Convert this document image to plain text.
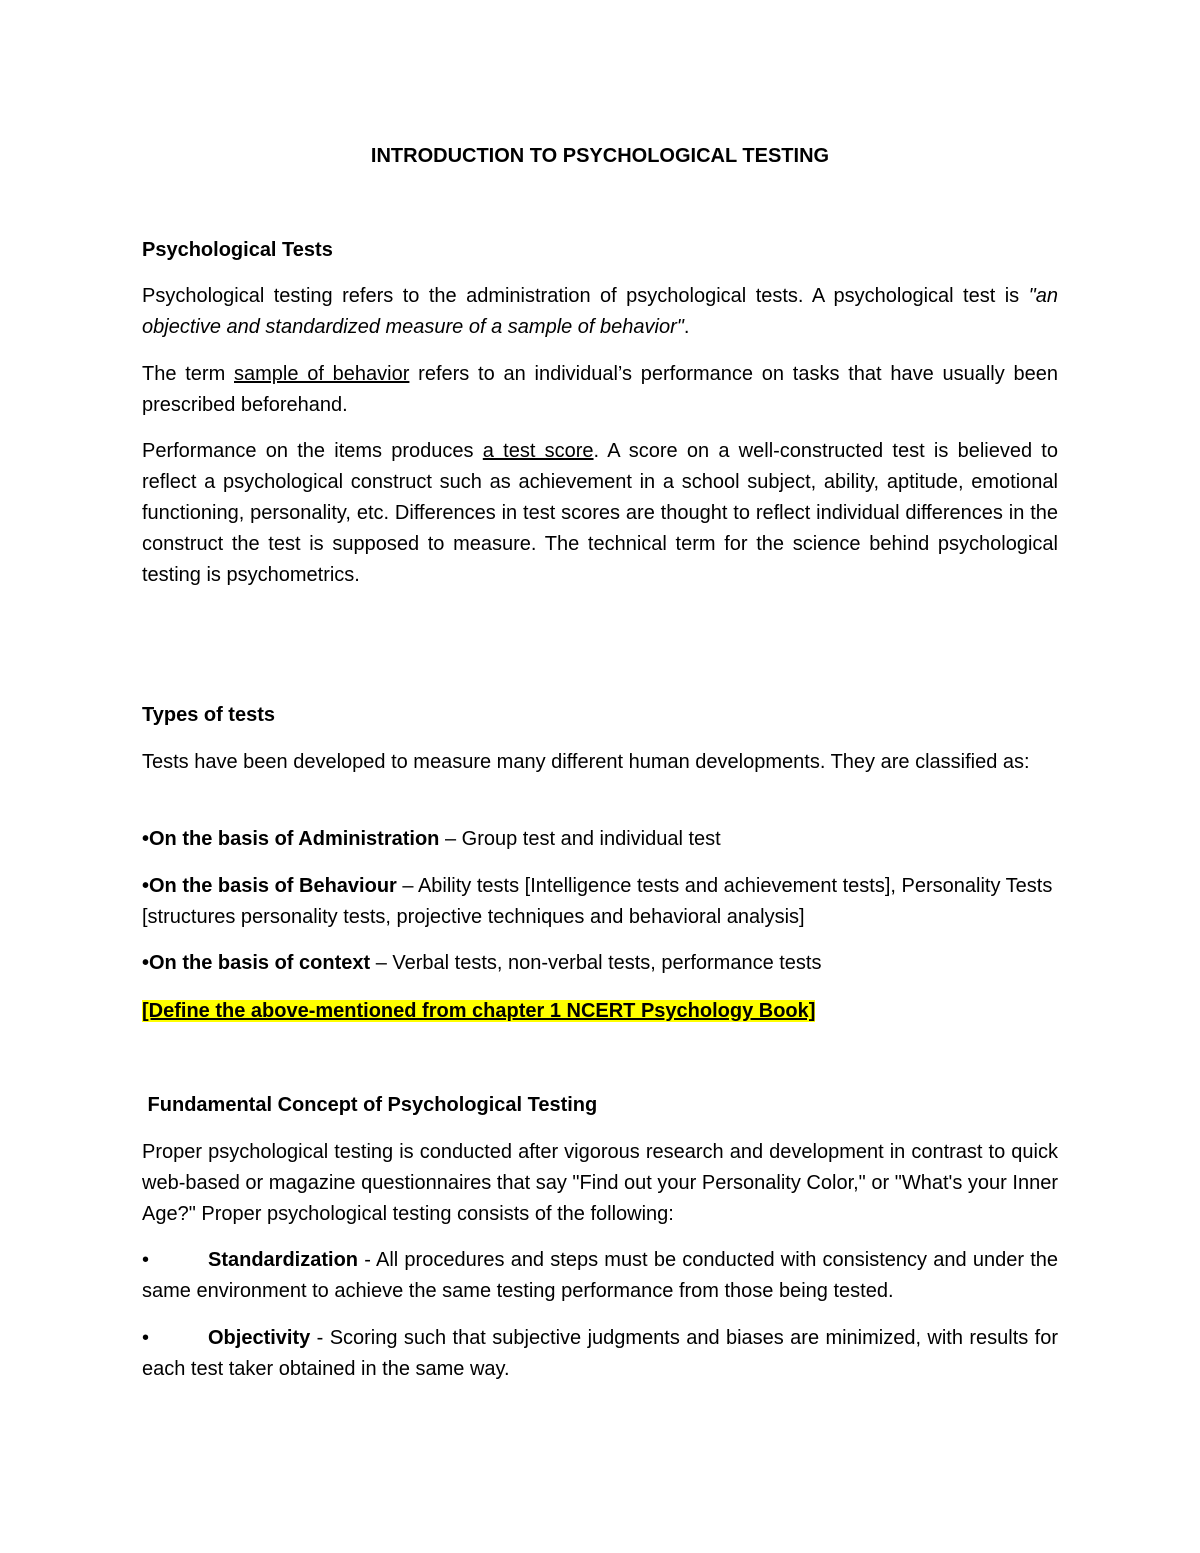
INTRODUCTION TO PSYCHOLOGICAL TESTING

Psychological Tests

Psychological testing refers to the administration of psychological tests. A psychological test is "an objective and standardized measure of a sample of behavior".

The term sample of behavior refers to an individual’s performance on tasks that have usually been prescribed beforehand.

Performance on the items produces a test score. A score on a well-constructed test is believed to reflect a psychological construct such as achievement in a school subject, ability, aptitude, emotional functioning, personality, etc. Differences in test scores are thought to reflect individual differences in the construct the test is supposed to measure. The technical term for the science behind psychological testing is psychometrics.

Types of tests

Tests have been developed to measure many different human developments. They are classified as:

•On the basis of Administration – Group test and individual test

•On the basis of Behaviour – Ability tests [Intelligence tests and achievement tests], Personality Tests [structures personality tests, projective techniques and behavioral analysis]

•On the basis of context – Verbal tests, non-verbal tests, performance tests

[Define the above-mentioned from chapter 1 NCERT Psychology Book]

Fundamental Concept of Psychological Testing

Proper psychological testing is conducted after vigorous research and development in contrast to quick web-based or magazine questionnaires that say "Find out your Personality Color," or "What's your Inner Age?" Proper psychological testing consists of the following:

•	Standardization - All procedures and steps must be conducted with consistency and under the same environment to achieve the same testing performance from those being tested.

•	Objectivity - Scoring such that subjective judgments and biases are minimized, with results for each test taker obtained in the same way.
